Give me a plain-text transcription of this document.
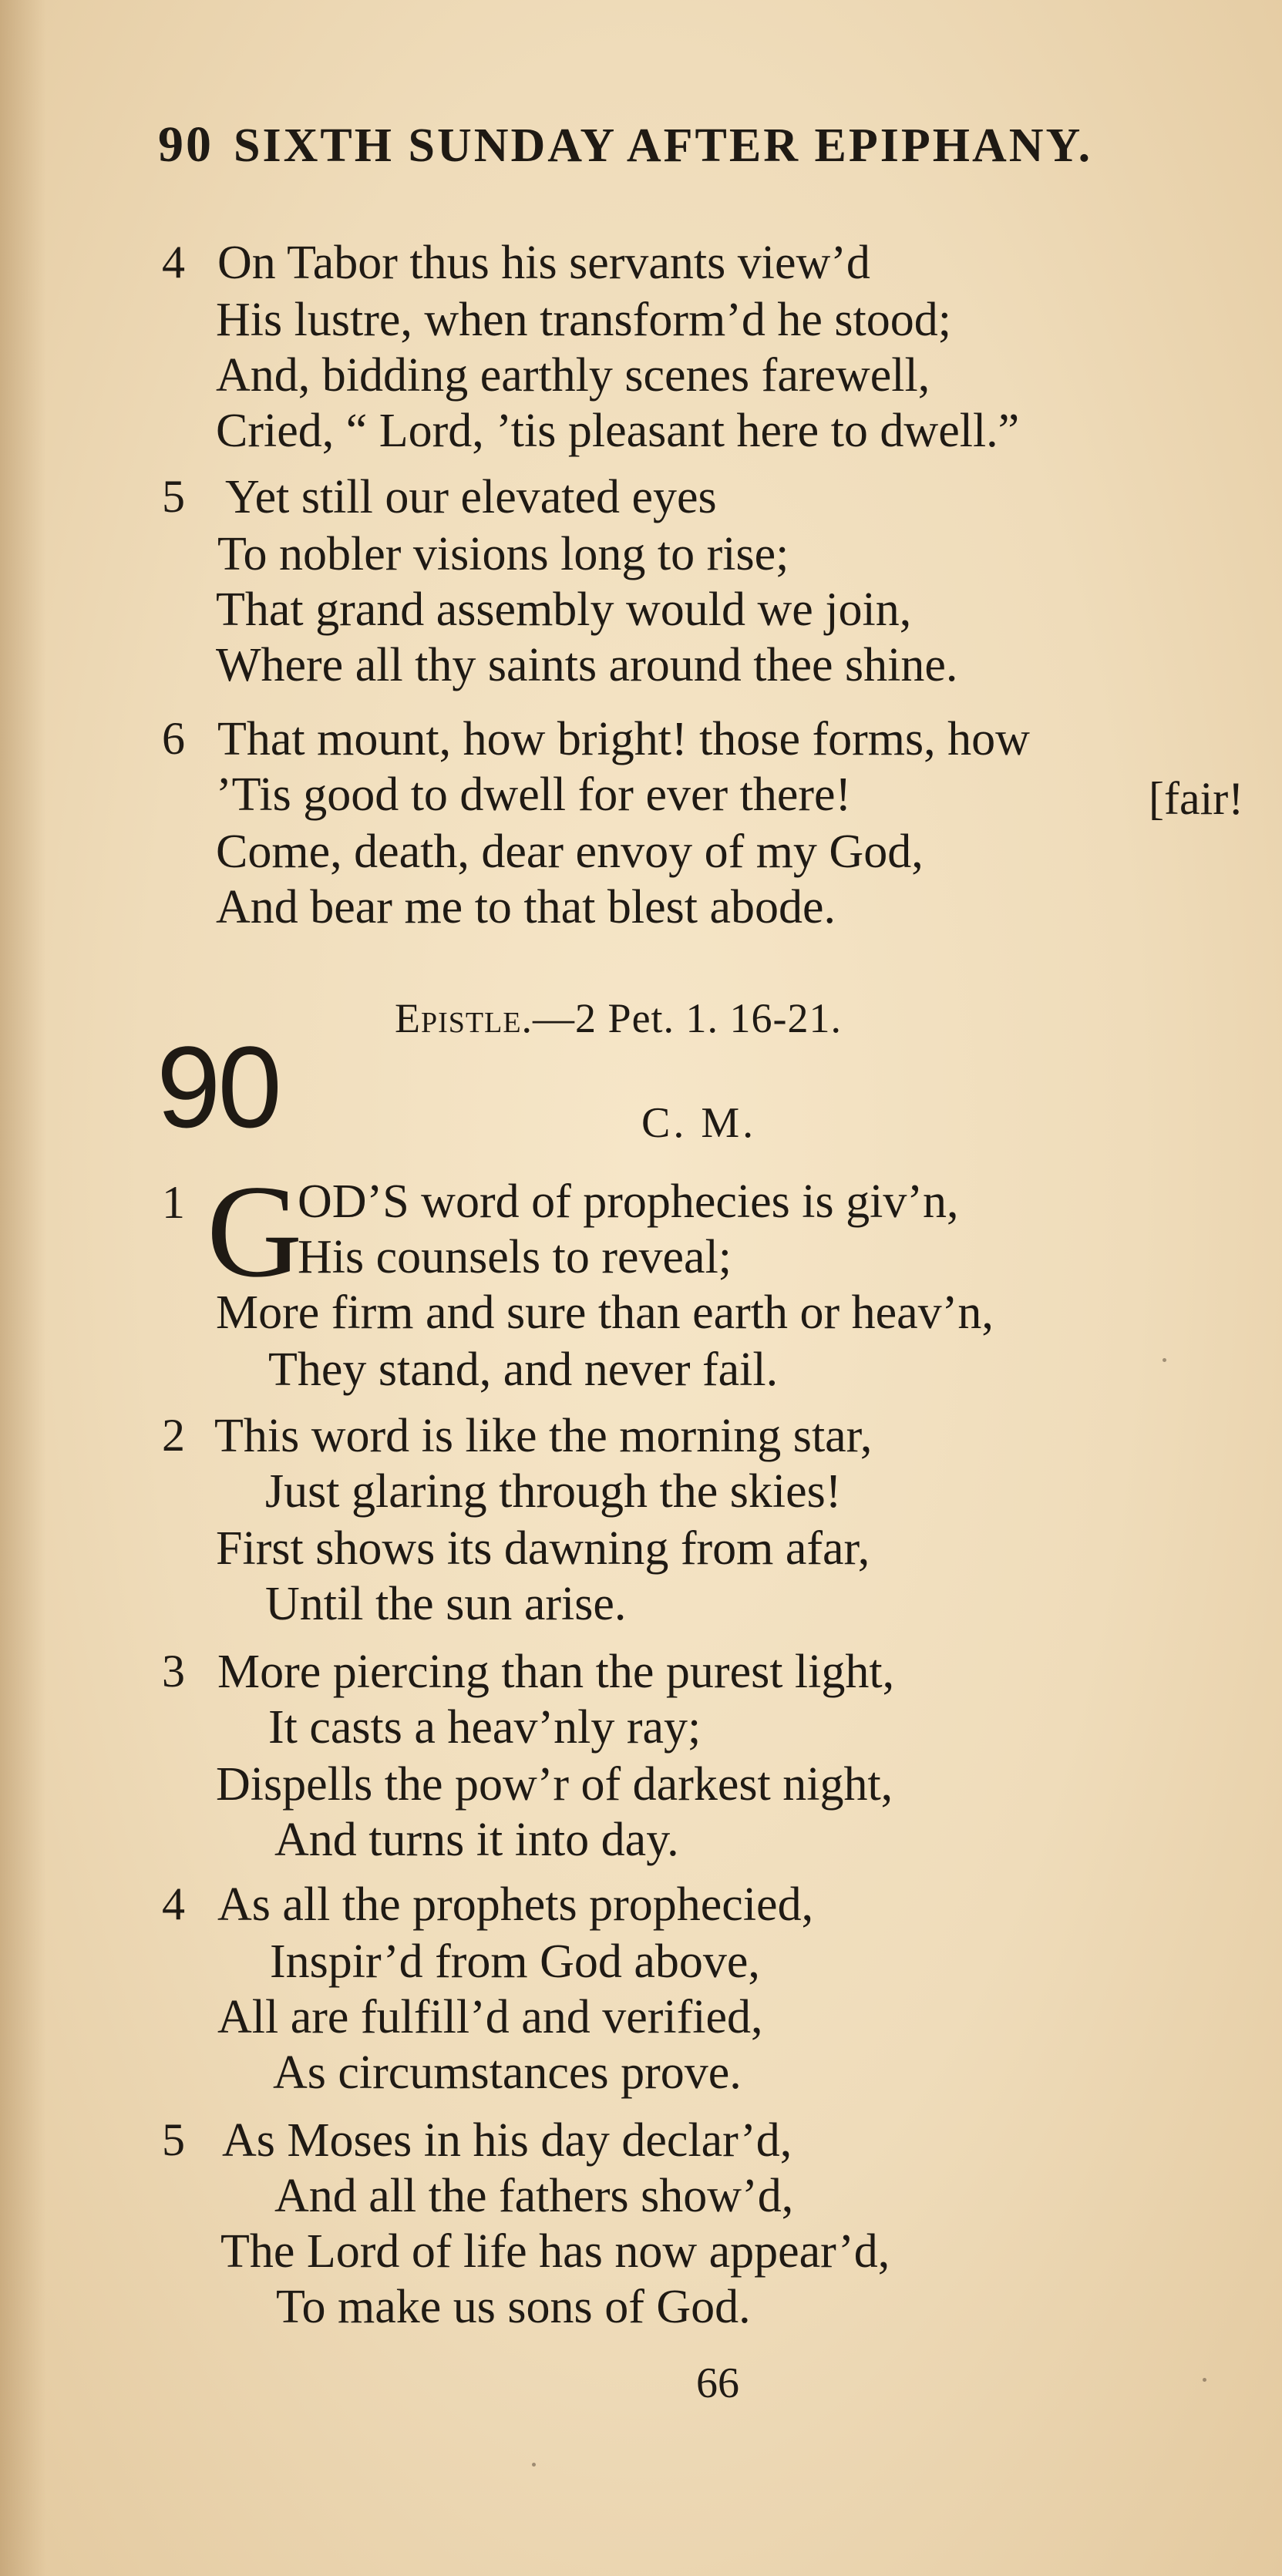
90 SIXTH SUNDAY AFTER EPIPHANY.
4 On Tabor thus his servants view’d
His lustre, when transform’d he stood;
And, bidding earthly scenes farewell,
Cried, “ Lord, ’tis pleasant here to dwell.”
5 Yet still our elevated eyes
To nobler visions long to rise;
That grand assembly would we join,
Where all thy saints around thee shine.
6 That mount, how bright! those forms, how
’Tis good to dwell for ever there!	[fair!
Come, death, dear envoy of my God,
And bear me to that blest abode.
Epistle.—2 Pet. 1. 16-21.
90	C. M.
1 G
OD’S word of prophecies is giv’n,
His counsels to reveal;
More firm and sure than earth or heav’n,
They stand, and never fail.
2 This word is like the morning star,
Just glaring through the skies!
First shows its dawning from afar,
Until the sun arise.
3 More piercing than the purest light,
It casts a heav’nly ray;
Dispells the pow’r of darkest night,
And turns it into day.
4 As all the prophets prophecied,
Inspir’d from God above,
All are fulfill’d and verified,
As circumstances prove.
5 As Moses in his day declar’d,
And all the fathers show’d,
The Lord of life has now appear’d,
To make us sons of God.
66
